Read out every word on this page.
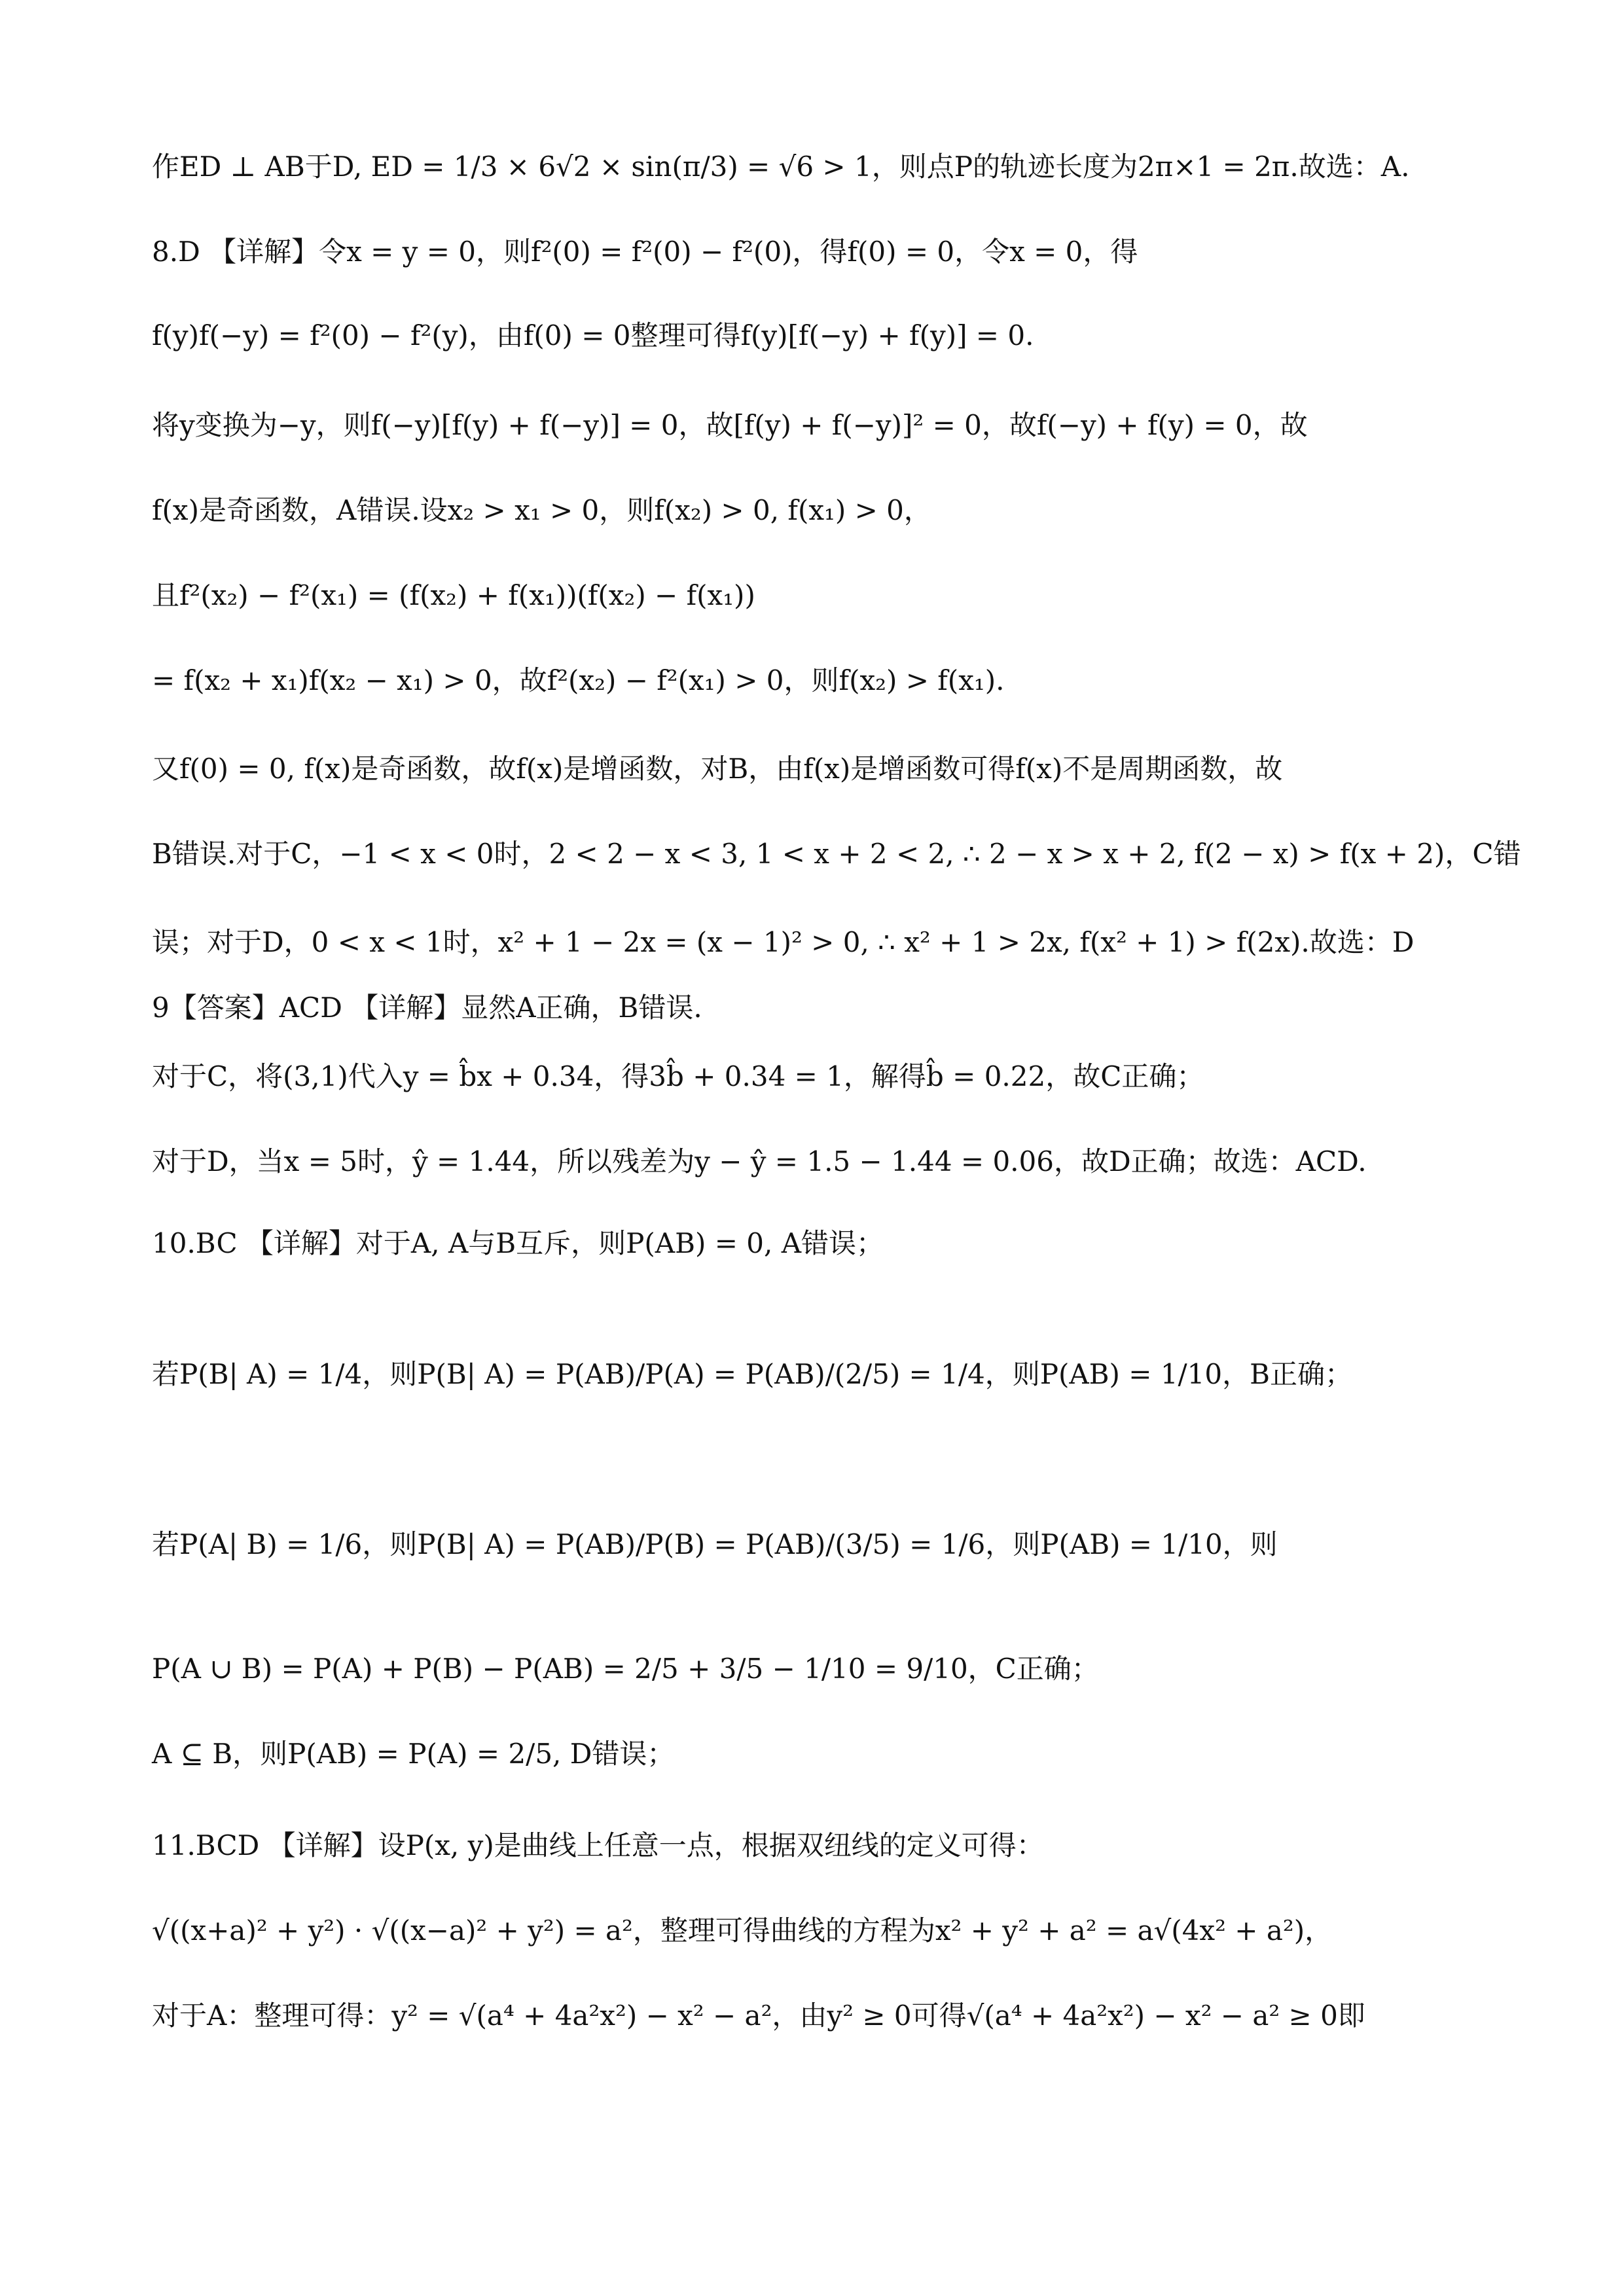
作ED ⊥ AB于D, ED = 1/3 × 6√2 × sin(π/3) = √6 > 1，则点P的轨迹长度为2π×1 = 2π.故选：A.
8.D 【详解】令x = y = 0，则f²(0) = f²(0) − f²(0)，得f(0) = 0，令x = 0，得
f(y)f(−y) = f²(0) − f²(y)，由f(0) = 0整理可得f(y)[f(−y) + f(y)] = 0.
将y变换为−y，则f(−y)[f(y) + f(−y)] = 0，故[f(y) + f(−y)]² = 0，故f(−y) + f(y) = 0，故
f(x)是奇函数，A错误.设x₂ > x₁ > 0，则f(x₂) > 0, f(x₁) > 0，
且f²(x₂) − f²(x₁) = (f(x₂) + f(x₁))(f(x₂) − f(x₁))
= f(x₂ + x₁)f(x₂ − x₁) > 0，故f²(x₂) − f²(x₁) > 0，则f(x₂) > f(x₁).
又f(0) = 0, f(x)是奇函数，故f(x)是增函数，对B，由f(x)是增函数可得f(x)不是周期函数，故
B错误.对于C，−1 < x < 0时，2 < 2 − x < 3, 1 < x + 2 < 2, ∴ 2 − x > x + 2, f(2 − x) > f(x + 2)，C错
误；对于D，0 < x < 1时，x² + 1 − 2x = (x − 1)² > 0, ∴ x² + 1 > 2x, f(x² + 1) > f(2x).故选：D
9【答案】ACD 【详解】显然A正确，B错误.
对于C，将(3,1)代入y = b̂x + 0.34，得3b̂ + 0.34 = 1，解得b̂ = 0.22，故C正确；
对于D，当x = 5时，ŷ = 1.44，所以残差为y − ŷ = 1.5 − 1.44 = 0.06，故D正确；故选：ACD.
10.BC 【详解】对于A, A与B互斥，则P(AB) = 0, A错误；
若P(B| A) = 1/4，则P(B| A) = P(AB)/P(A) = P(AB)/(2/5) = 1/4，则P(AB) = 1/10，B正确；
若P(A| B) = 1/6，则P(B| A) = P(AB)/P(B) = P(AB)/(3/5) = 1/6，则P(AB) = 1/10，则
P(A ∪ B) = P(A) + P(B) − P(AB) = 2/5 + 3/5 − 1/10 = 9/10，C正确；
A ⊆ B，则P(AB) = P(A) = 2/5, D错误；
11.BCD 【详解】设P(x, y)是曲线上任意一点，根据双纽线的定义可得：
√((x+a)² + y²) · √((x−a)² + y²) = a²，整理可得曲线的方程为x² + y² + a² = a√(4x² + a²)，
对于A：整理可得：y² = √(a⁴ + 4a²x²) − x² − a²，由y² ≥ 0可得√(a⁴ + 4a²x²) − x² − a² ≥ 0即
